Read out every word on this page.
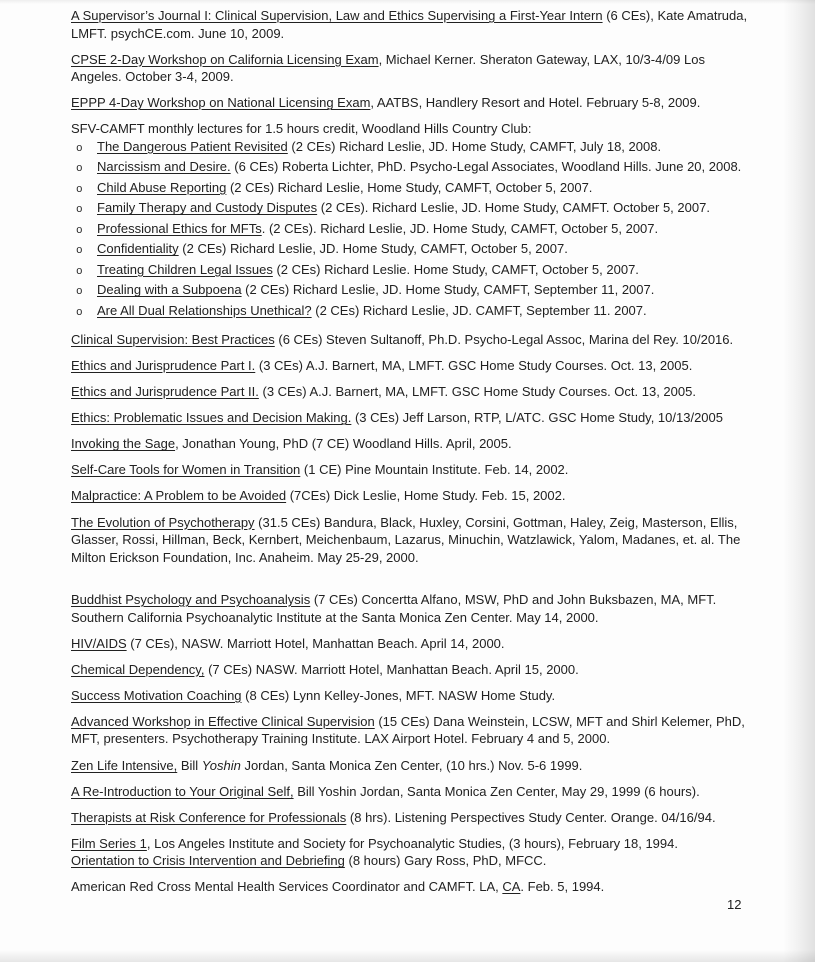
A Supervisor’s Journal I: Clinical Supervision, Law and Ethics Supervising a First-Year Intern (6 CEs), Kate Amatruda, LMFT. psychCE.com. June 10, 2009.

CPSE 2-Day Workshop on California Licensing Exam, Michael Kerner. Sheraton Gateway, LAX, 10/3-4/09 Los Angeles. October 3-4, 2009.

EPPP 4-Day Workshop on National Licensing Exam, AATBS, Handlery Resort and Hotel. February 5-8, 2009.

SFV-CAMFT monthly lectures for 1.5 hours credit, Woodland Hills Country Club:

o	The Dangerous Patient Revisited (2 CEs) Richard Leslie, JD. Home Study, CAMFT, July 18, 2008.
o	Narcissism and Desire. (6 CEs) Roberta Lichter, PhD. Psycho-Legal Associates, Woodland Hills. June 20, 2008.
o	Child Abuse Reporting (2 CEs) Richard Leslie, Home Study, CAMFT, October 5, 2007.
o	Family Therapy and Custody Disputes (2 CEs). Richard Leslie, JD. Home Study, CAMFT. October 5, 2007.
o	Professional Ethics for MFTs. (2 CEs). Richard Leslie, JD. Home Study, CAMFT, October 5, 2007.
o	Confidentiality (2 CEs) Richard Leslie, JD. Home Study, CAMFT, October 5, 2007.
o	Treating Children Legal Issues (2 CEs) Richard Leslie. Home Study, CAMFT, October 5, 2007.
o	Dealing with a Subpoena (2 CEs) Richard Leslie, JD. Home Study, CAMFT, September 11, 2007.
o	Are All Dual Relationships Unethical? (2 CEs) Richard Leslie, JD. CAMFT, September 11. 2007.

Clinical Supervision: Best Practices (6 CEs) Steven Sultanoff, Ph.D. Psycho-Legal Assoc, Marina del Rey. 10/2016.

Ethics and Jurisprudence Part I. (3 CEs) A.J. Barnert, MA, LMFT. GSC Home Study Courses. Oct. 13, 2005.

Ethics and Jurisprudence Part II. (3 CEs) A.J. Barnert, MA, LMFT. GSC Home Study Courses. Oct. 13, 2005.

Ethics: Problematic Issues and Decision Making. (3 CEs) Jeff Larson, RTP, L/ATC. GSC Home Study, 10/13/2005

Invoking the Sage, Jonathan Young, PhD (7 CE) Woodland Hills. April, 2005.

Self-Care Tools for Women in Transition (1 CE) Pine Mountain Institute. Feb. 14, 2002.

Malpractice: A Problem to be Avoided (7CEs) Dick Leslie, Home Study. Feb. 15, 2002.

The Evolution of Psychotherapy (31.5 CEs) Bandura, Black, Huxley, Corsini, Gottman, Haley, Zeig, Masterson, Ellis, Glasser, Rossi, Hillman, Beck, Kernbert, Meichenbaum, Lazarus, Minuchin, Watzlawick, Yalom, Madanes, et. al. The Milton Erickson Foundation, Inc. Anaheim. May 25-29, 2000.

Buddhist Psychology and Psychoanalysis (7 CEs) Concertta Alfano, MSW, PhD and John Buksbazen, MA, MFT. Southern California Psychoanalytic Institute at the Santa Monica Zen Center. May 14, 2000.

HIV/AIDS (7 CEs), NASW. Marriott Hotel, Manhattan Beach. April 14, 2000.

Chemical Dependency, (7 CEs) NASW. Marriott Hotel, Manhattan Beach. April 15, 2000.

Success Motivation Coaching (8 CEs) Lynn Kelley-Jones, MFT. NASW Home Study.

Advanced Workshop in Effective Clinical Supervision (15 CEs) Dana Weinstein, LCSW, MFT and Shirl Kelemer, PhD, MFT, presenters. Psychotherapy Training Institute. LAX Airport Hotel. February 4 and 5, 2000.

Zen Life Intensive, Bill Yoshin Jordan, Santa Monica Zen Center, (10 hrs.) Nov. 5-6 1999.

A Re-Introduction to Your Original Self, Bill Yoshin Jordan, Santa Monica Zen Center, May 29, 1999 (6 hours).

Therapists at Risk Conference for Professionals (8 hrs). Listening Perspectives Study Center. Orange. 04/16/94.

Film Series 1, Los Angeles Institute and Society for Psychoanalytic Studies, (3 hours), February 18, 1994.
Orientation to Crisis Intervention and Debriefing (8 hours) Gary Ross, PhD, MFCC.

American Red Cross Mental Health Services Coordinator and CAMFT. LA, CA. Feb. 5, 1994.

12
